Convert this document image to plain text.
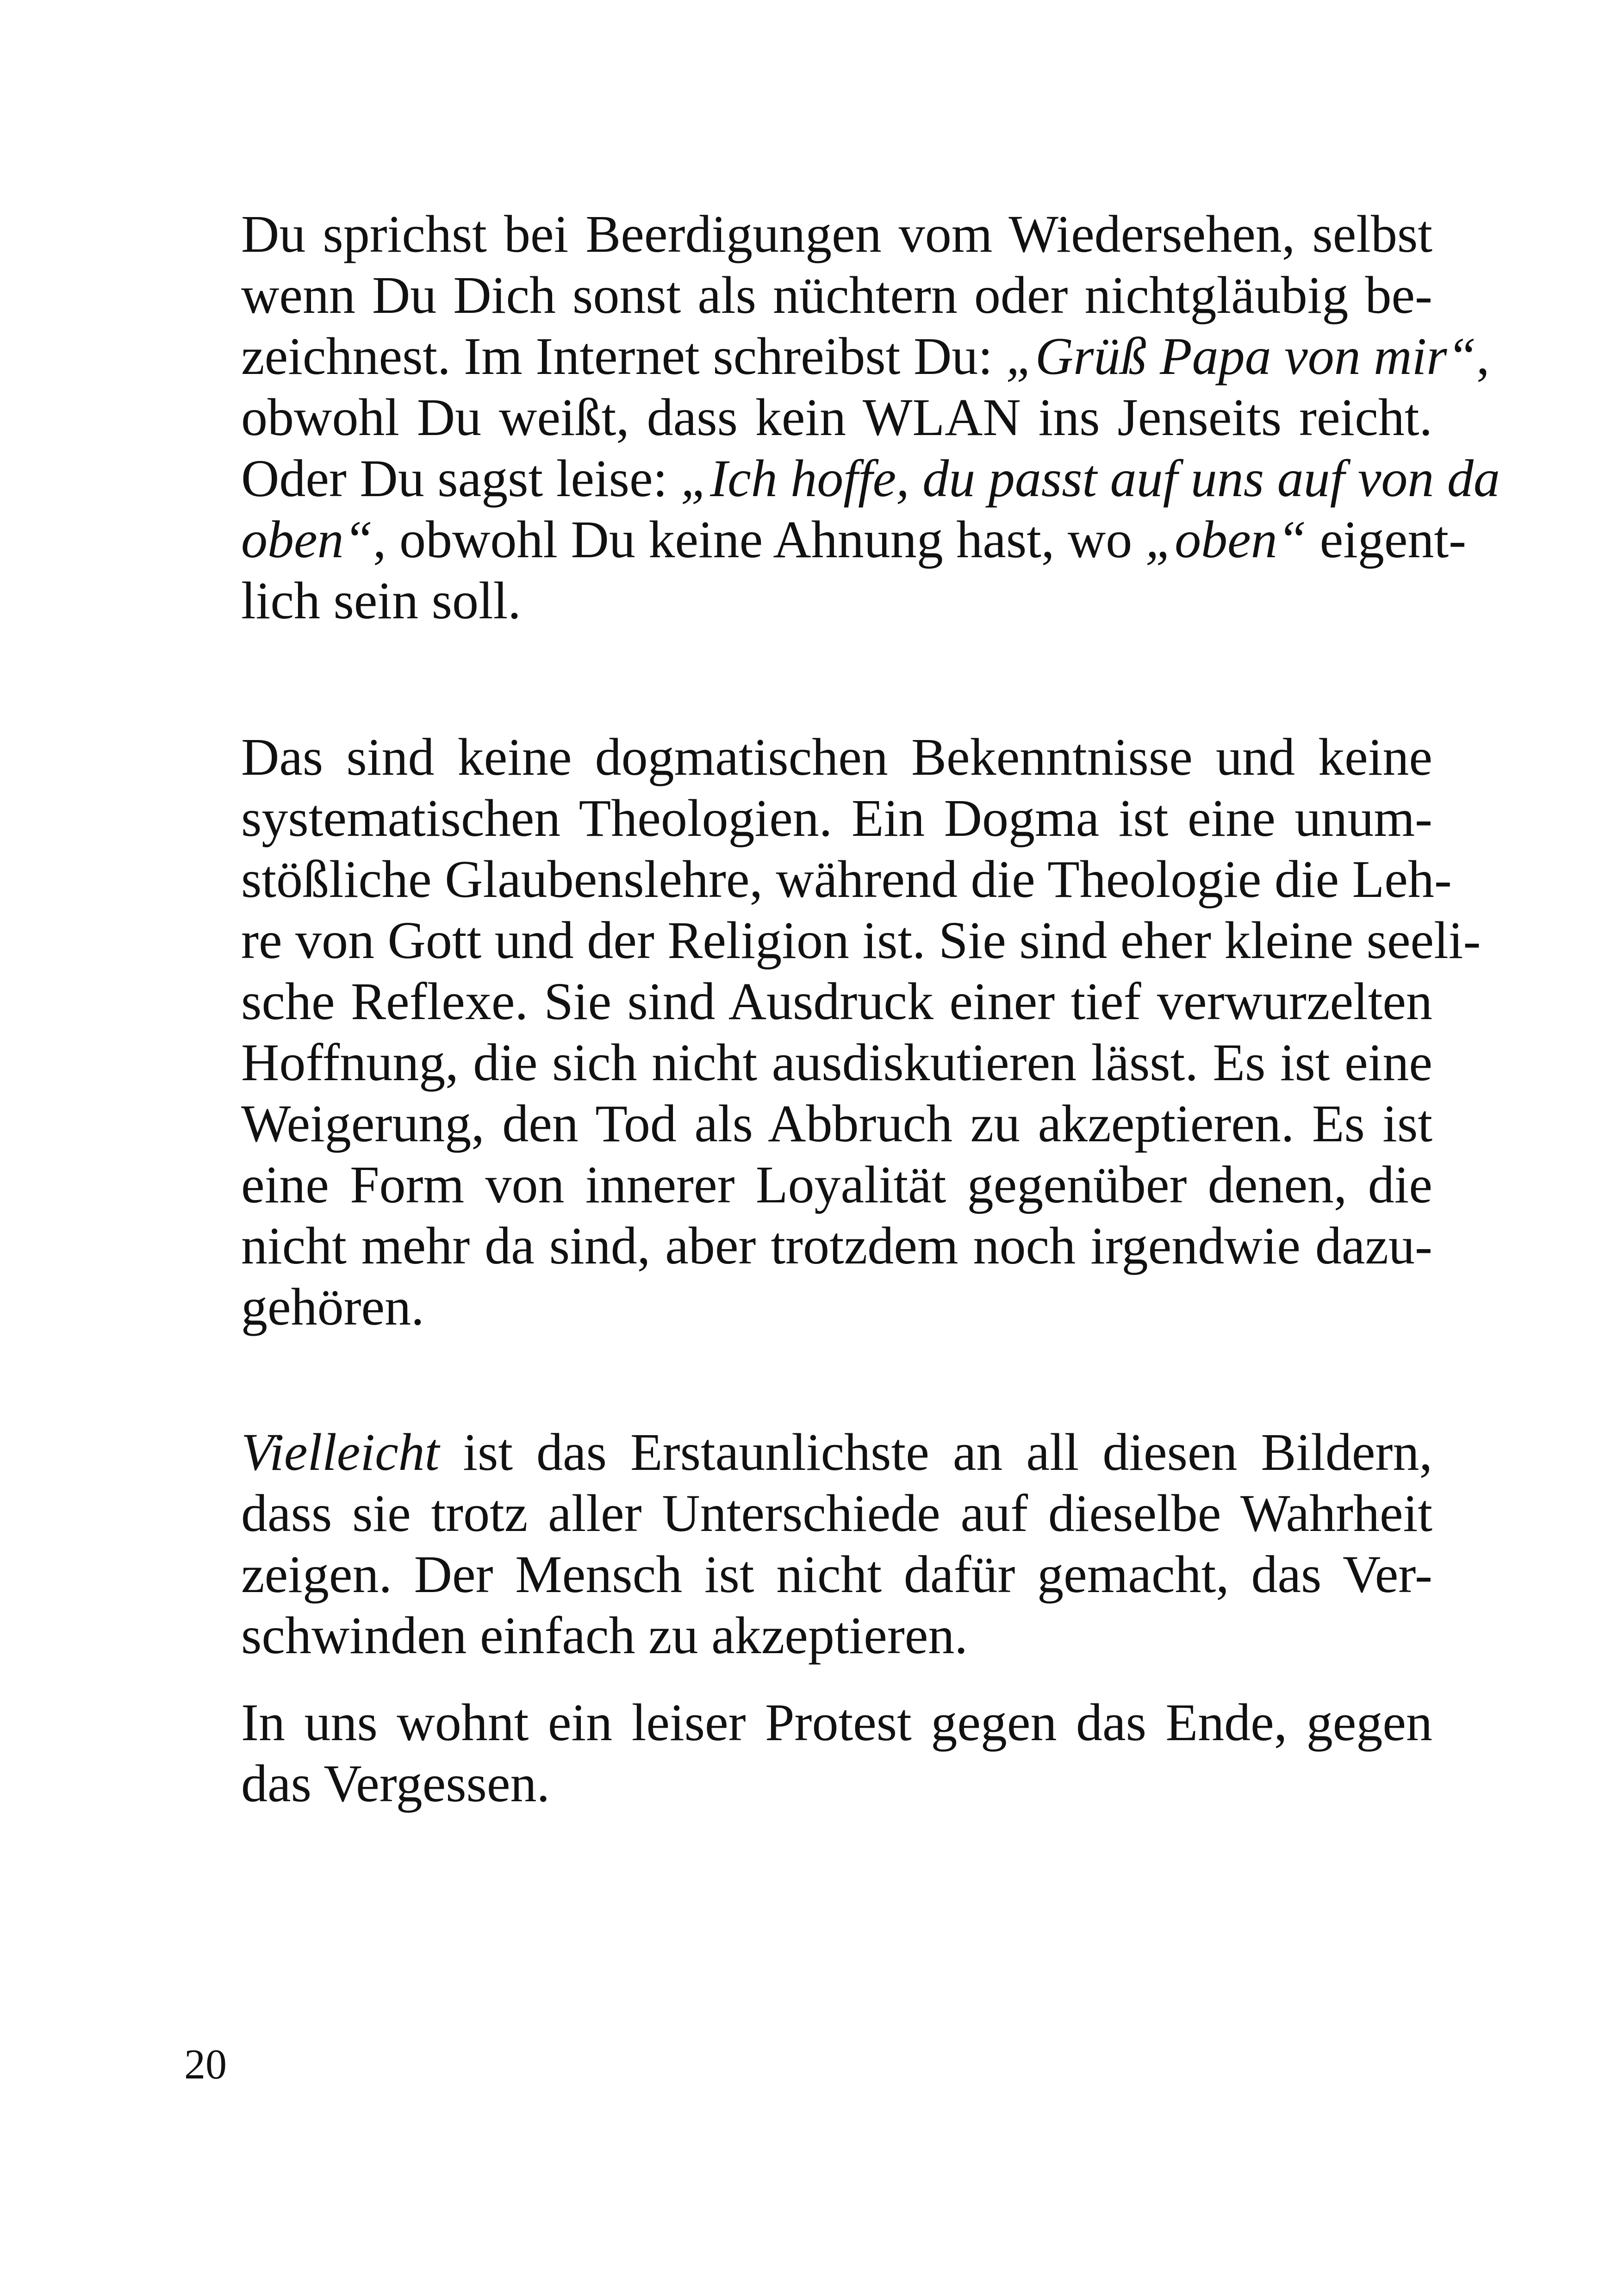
Du sprichst bei Beerdigungen vom Wiedersehen, selbst
wenn Du Dich sonst als nüchtern oder nichtgläubig be-
zeichnest. Im Internet schreibst Du: „Grüß Papa von mir“,
obwohl Du weißt, dass kein WLAN ins Jenseits reicht.
Oder Du sagst leise: „Ich hoffe, du passt auf uns auf von da
oben“, obwohl Du keine Ahnung hast, wo „oben“ eigent-
lich sein soll.

Das sind keine dogmatischen Bekenntnisse und keine
systematischen Theologien. Ein Dogma ist eine unum-
stößliche Glaubenslehre, während die Theologie die Leh-
re von Gott und der Religion ist. Sie sind eher kleine seeli-
sche Reflexe. Sie sind Ausdruck einer tief verwurzelten
Hoffnung, die sich nicht ausdiskutieren lässt. Es ist eine
Weigerung, den Tod als Abbruch zu akzeptieren. Es ist
eine Form von innerer Loyalität gegenüber denen, die
nicht mehr da sind, aber trotzdem noch irgendwie dazu-
gehören.

Vielleicht ist das Erstaunlichste an all diesen Bildern,
dass sie trotz aller Unterschiede auf dieselbe Wahrheit
zeigen. Der Mensch ist nicht dafür gemacht, das Ver-
schwinden einfach zu akzeptieren.

In uns wohnt ein leiser Protest gegen das Ende, gegen
das Vergessen.

20
